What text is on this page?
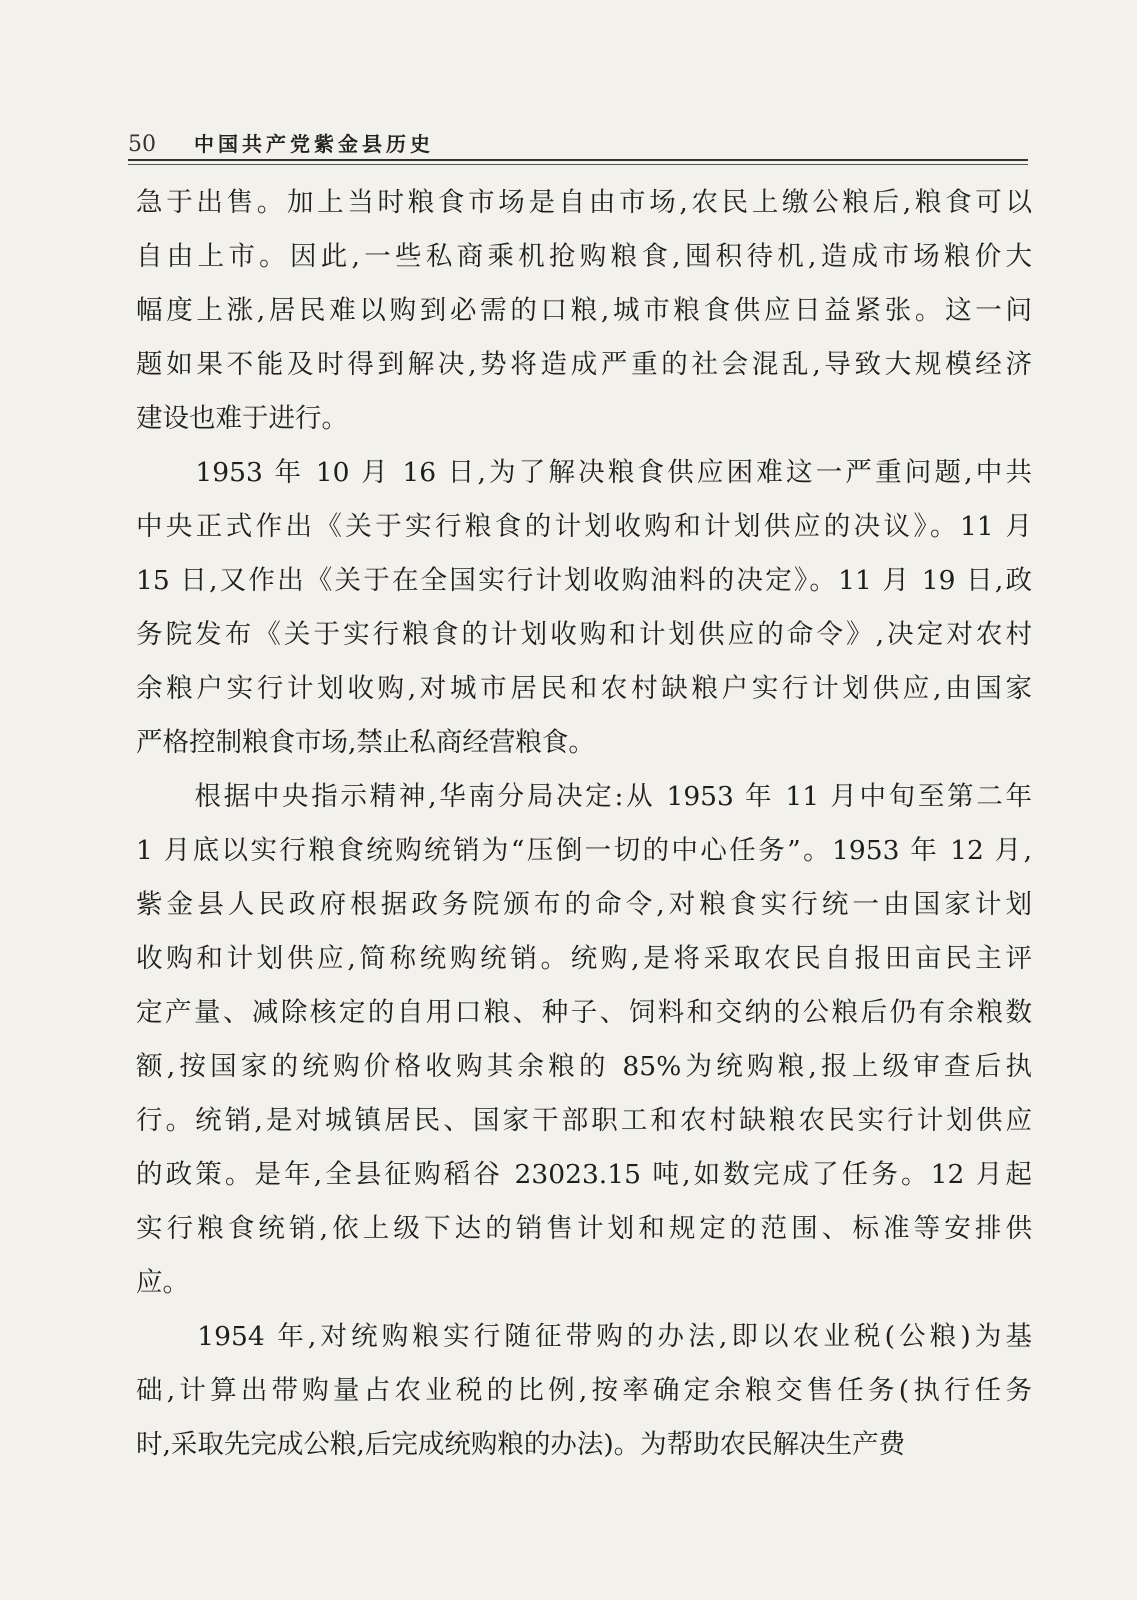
50 中国共产党紫金县历史
急于出售。加上当时粮食市场是自由市场,农民上缴公粮后,粮食可以
自由上市。因此,一些私商乘机抢购粮食,囤积待机,造成市场粮价大
幅度上涨,居民难以购到必需的口粮,城市粮食供应日益紧张。这一问
题如果不能及时得到解决,势将造成严重的社会混乱,导致大规模经济
建设也难于进行。
　　1953 年 10 月 16 日,为了解决粮食供应困难这一严重问题,中共
中央正式作出《关于实行粮食的计划收购和计划供应的决议》。11 月
15 日,又作出《关于在全国实行计划收购油料的决定》。11 月 19 日,政
务院发布《关于实行粮食的计划收购和计划供应的命令》,决定对农村
余粮户实行计划收购,对城市居民和农村缺粮户实行计划供应,由国家
严格控制粮食市场,禁止私商经营粮食。
　　根据中央指示精神,华南分局决定:从 1953 年 11 月中旬至第二年
1 月底以实行粮食统购统销为“压倒一切的中心任务”。1953 年 12 月,
紫金县人民政府根据政务院颁布的命令,对粮食实行统一由国家计划
收购和计划供应,简称统购统销。统购,是将采取农民自报田亩民主评
定产量、减除核定的自用口粮、种子、饲料和交纳的公粮后仍有余粮数
额,按国家的统购价格收购其余粮的 85%为统购粮,报上级审查后执
行。统销,是对城镇居民、国家干部职工和农村缺粮农民实行计划供应
的政策。是年,全县征购稻谷 23023.15 吨,如数完成了任务。12 月起
实行粮食统销,依上级下达的销售计划和规定的范围、标准等安排供
应。
　　1954 年,对统购粮实行随征带购的办法,即以农业税(公粮)为基
础,计算出带购量占农业税的比例,按率确定余粮交售任务(执行任务
时,采取先完成公粮,后完成统购粮的办法)。为帮助农民解决生产费
